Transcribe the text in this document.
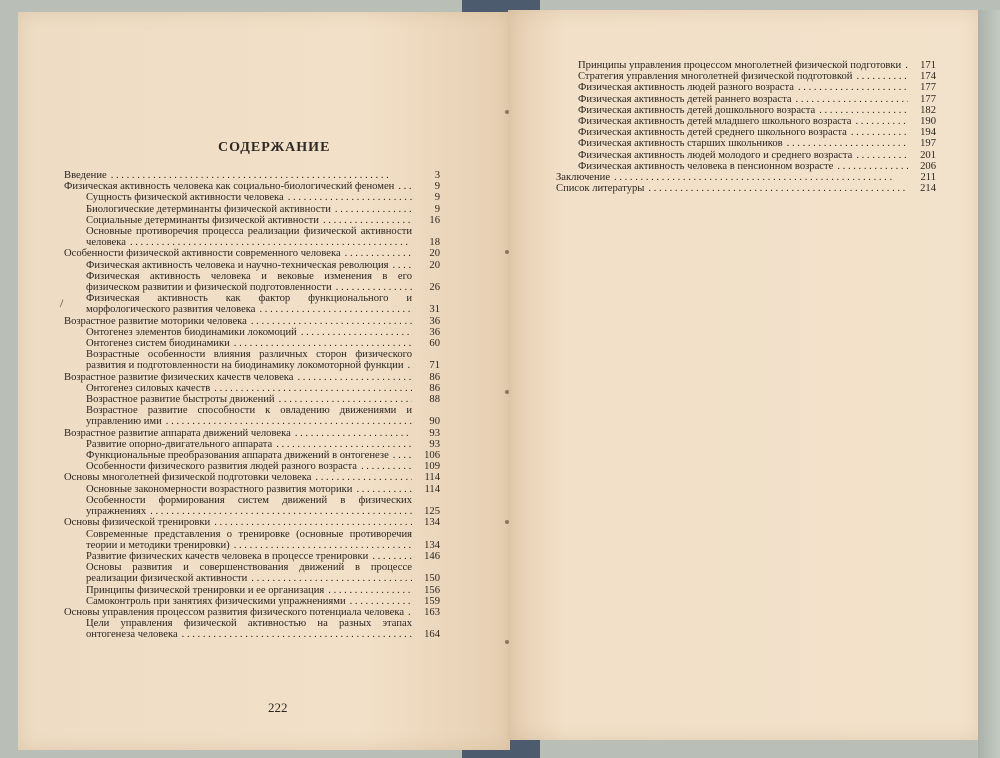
СОДЕРЖАНИЕ
/
Введение . . .	3
Физическая активность человека как социально-биологический феномен . . .	9
Сущность физической активности человека . . .	9
Биологические детерминанты физической активности . . .	9
Социальные детерминанты физической активности . . .	16
Основные противоречия процесса реализации физической активности человека . . .	18
Особенности физической активности современного человека . . .	20
Физическая активность человека и научно-техническая революция . . .	20
Физическая активность человека и вековые изменения в его физическом развитии и физической подготовленности . . .	26
Физическая активность как фактор функционального и морфологического развития человека . . .	31
Возрастное развитие моторики человека . . .	36
Онтогенез элементов биодинамики локомоций . . .	36
Онтогенез систем биодинамики . . .	60
Возрастные особенности влияния различных сторон физического развития и подготовленности на биодинамику локомоторной функции . . .	71
Возрастное развитие физических качеств человека . . .	86
Онтогенез силовых качеств . . .	86
Возрастное развитие быстроты движений . . .	88
Возрастное развитие способности к овладению движениями и управлению ими . . .	90
Возрастное развитие аппарата движений человека . . .	93
Развитие опорно-двигательного аппарата . . .	93
Функциональные преобразования аппарата движений в онтогенезе . . .	106
Особенности физического развития людей разного возраста . . .	109
Основы многолетней физической подготовки человека . . .	114
Основные закономерности возрастного развития моторики . . .	114
Особенности формирования систем движений в физических упражнениях . . .	125
Основы физической тренировки . . .	134
Современные представления о тренировке (основные противоречия теории и методики тренировки) . . .	134
Развитие физических качеств человека в процессе тренировки . . .	146
Основы развития и совершенствования движений в процессе реализации физической активности . . .	150
Принципы физической тренировки и ее организация . . .	156
Самоконтроль при занятиях физическими упражнениями . . .	159
Основы управления процессом развития физического потенциала человека . . .	163
Цели управления физической активностью на разных этапах онтогенеза человека . . .	164
Принципы управления процессом многолетней физической подготовки . . .	171
Стратегия управления многолетней физической подготовкой . . .	174
Физическая активность людей разного возраста . . .	177
Физическая активность детей раннего возраста . . .	177
Физическая активность детей дошкольного возраста . . .	182
Физическая активность детей младшего школьного возраста . . .	190
Физическая активность детей среднего школьного возраста . . .	194
Физическая активность старших школьников . . .	197
Физическая активность людей молодого и среднего возраста . . .	201
Физическая активность человека в пенсионном возрасте . . .	206
Заключение . . .	211
Список литературы . . .	214

222
